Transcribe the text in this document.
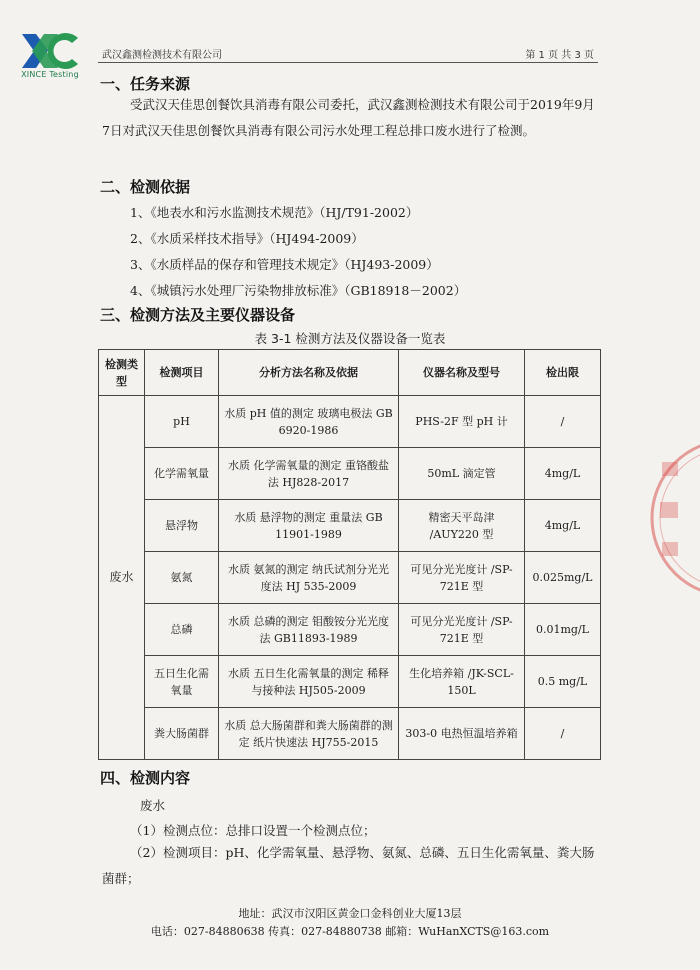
XINCE Testing
武汉鑫测检测技术有限公司	第 1 页 共 3 页
一、任务来源
受武汉天佳思创餐饮具消毒有限公司委托，武汉鑫测检测技术有限公司于2019年9月7日对武汉天佳思创餐饮具消毒有限公司污水处理工程总排口废水进行了检测。
二、检测依据
1、《地表水和污水监测技术规范》（HJ/T91-2002）
2、《水质采样技术指导》（HJ494-2009）
3、《水质样品的保存和管理技术规定》（HJ493-2009）
4、《城镇污水处理厂污染物排放标准》（GB18918－2002）
三、检测方法及主要仪器设备
表 3-1 检测方法及仪器设备一览表
检测类型	检测项目	分析方法名称及依据	仪器名称及型号	检出限
废水	pH	水质 pH 值的测定 玻璃电极法 GB 6920-1986	PHS-2F 型 pH 计	/
	化学需氧量	水质 化学需氧量的测定 重铬酸盐法 HJ828-2017	50mL 滴定管	4mg/L
	悬浮物	水质 悬浮物的测定 重量法 GB 11901-1989	精密天平岛津 /AUY220 型	4mg/L
	氨氮	水质 氨氮的测定 纳氏试剂分光光度法 HJ 535-2009	可见分光光度计 /SP-721E 型	0.025mg/L
	总磷	水质 总磷的测定 钼酸铵分光光度法 GB11893-1989	可见分光光度计 /SP-721E 型	0.01mg/L
	五日生化需氧量	水质 五日生化需氧量的测定 稀释与接种法 HJ505-2009	生化培养箱 /JK-SCL-150L	0.5 mg/L
	粪大肠菌群	水质 总大肠菌群和粪大肠菌群的测定 纸片快速法 HJ755-2015	303-0 电热恒温培养箱	/
四、检测内容
废水
（1）检测点位：总排口设置一个检测点位；
（2）检测项目：pH、化学需氧量、悬浮物、氨氮、总磷、五日生化需氧量、粪大肠菌群；
地址：武汉市汉阳区黄金口金科创业大厦13层
电话：027-84880638 传真：027-84880738 邮箱：WuHanXCTS@163.com
